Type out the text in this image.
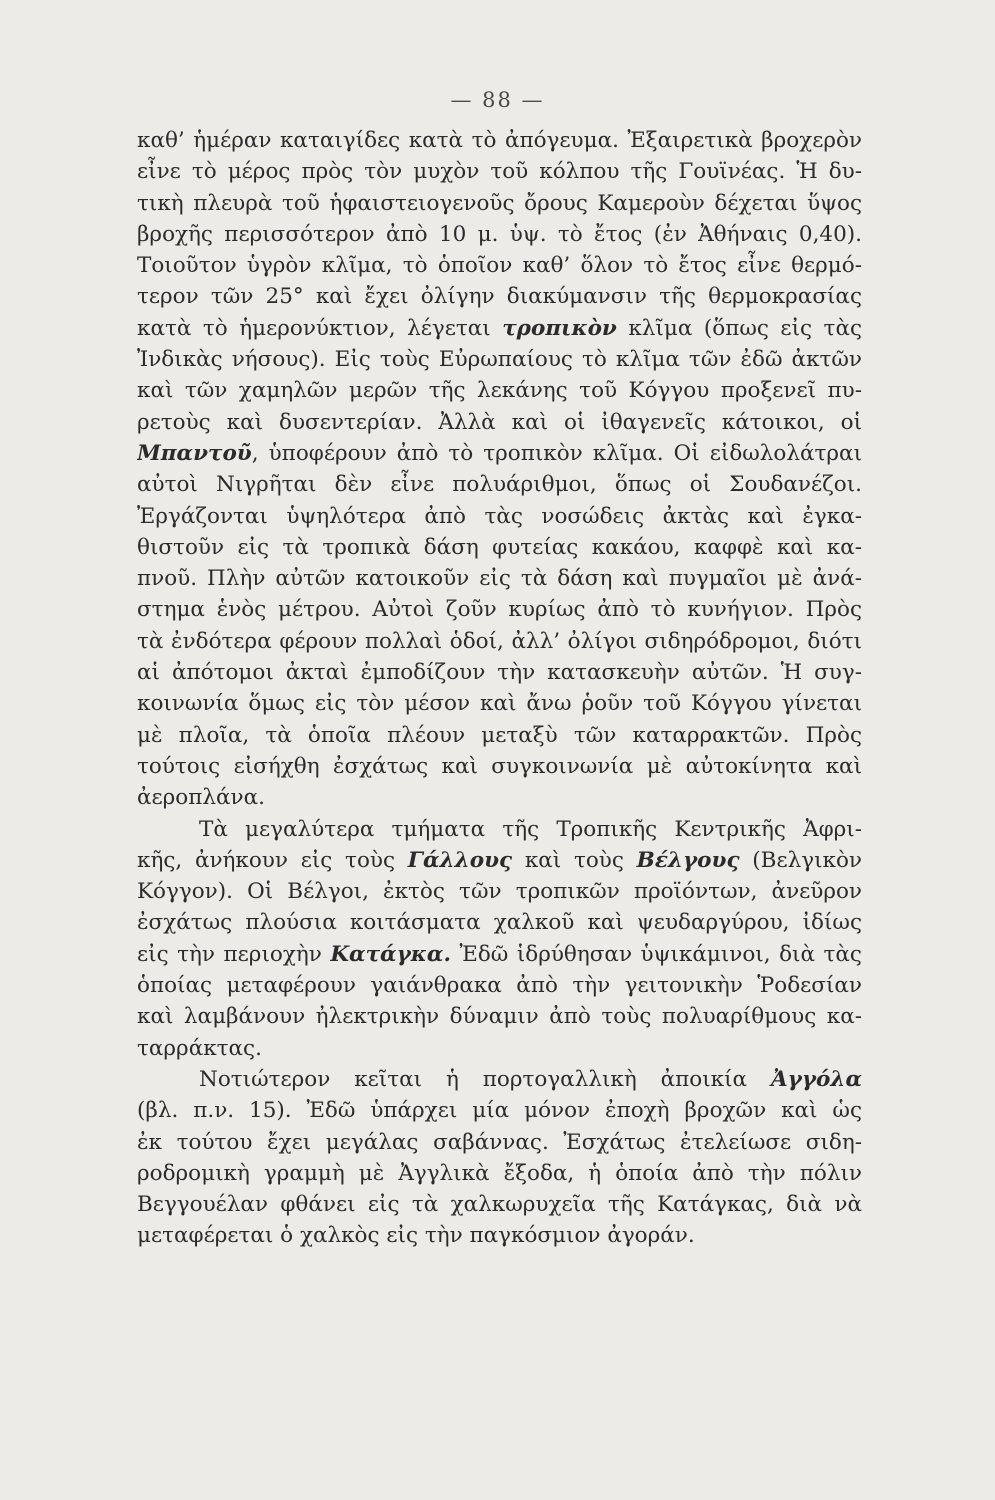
— 88 —
καθ’ ἡμέραν καταιγίδες κατὰ τὸ ἀπόγευμα. Ἐξαιρετικὰ βροχερὸν
εἶνε τὸ μέρος πρὸς τὸν μυχὸν τοῦ κόλπου τῆς Γουϊνέας. Ἡ δυ-
τικὴ πλευρὰ τοῦ ἡφαιστειογενοῦς ὄρους Καμεροὺν δέχεται ὕψος
βροχῆς περισσότερον ἀπὸ 10 μ. ὑψ. τὸ ἔτος (ἐν Ἀθήναις 0,40).
Τοιοῦτον ὑγρὸν κλῖμα, τὸ ὁποῖον καθ’ ὅλον τὸ ἔτος εἶνε θερμό-
τερον τῶν 25° καὶ ἔχει ὀλίγην διακύμανσιν τῆς θερμοκρασίας
κατὰ τὸ ἡμερονύκτιον, λέγεται τροπικὸν κλῖμα (ὅπως εἰς τὰς
Ἰνδικὰς νήσους). Εἰς τοὺς Εὐρωπαίους τὸ κλῖμα τῶν ἐδῶ ἀκτῶν
καὶ τῶν χαμηλῶν μερῶν τῆς λεκάνης τοῦ Κόγγου προξενεῖ πυ-
ρετοὺς καὶ δυσεντερίαν. Ἀλλὰ καὶ οἱ ἰθαγενεῖς κάτοικοι, οἱ
Μπαντοῦ, ὑποφέρουν ἀπὸ τὸ τροπικὸν κλῖμα. Οἱ εἰδωλολάτραι
αὐτοὶ Νιγρῆται δὲν εἶνε πολυάριθμοι, ὅπως οἱ Σουδανέζοι.
Ἐργάζονται ὑψηλότερα ἀπὸ τὰς νοσώδεις ἀκτὰς καὶ ἐγκα-
θιστοῦν εἰς τὰ τροπικὰ δάση φυτείας κακάου, καφφὲ καὶ κα-
πνοῦ. Πλὴν αὐτῶν κατοικοῦν εἰς τὰ δάση καὶ πυγμαῖοι μὲ ἀνά-
στημα ἑνὸς μέτρου. Αὐτοὶ ζοῦν κυρίως ἀπὸ τὸ κυνήγιον. Πρὸς
τὰ ἐνδότερα φέρουν πολλαὶ ὁδοί, ἀλλ’ ὀλίγοι σιδηρόδρομοι, διότι
αἱ ἀπότομοι ἀκταὶ ἐμποδίζουν τὴν κατασκευὴν αὐτῶν. Ἡ συγ-
κοινωνία ὅμως εἰς τὸν μέσον καὶ ἄνω ῥοῦν τοῦ Κόγγου γίνεται
μὲ πλοῖα, τὰ ὁποῖα πλέουν μεταξὺ τῶν καταρρακτῶν. Πρὸς
τούτοις εἰσήχθη ἐσχάτως καὶ συγκοινωνία μὲ αὐτοκίνητα καὶ
ἀεροπλάνα.
Τὰ μεγαλύτερα τμήματα τῆς Τροπικῆς Κεντρικῆς Ἀφρι-
κῆς, ἀνήκουν εἰς τοὺς Γάλλους καὶ τοὺς Βέλγους (Βελγικὸν
Κόγγον). Οἱ Βέλγοι, ἐκτὸς τῶν τροπικῶν προϊόντων, ἀνεῦρον
ἐσχάτως πλούσια κοιτάσματα χαλκοῦ καὶ ψευδαργύρου, ἰδίως
εἰς τὴν περιοχὴν Κατάγκα. Ἐδῶ ἱδρύθησαν ὑψικάμινοι, διὰ τὰς
ὁποίας μεταφέρουν γαιάνθρακα ἀπὸ τὴν γειτονικὴν Ῥοδεσίαν
καὶ λαμβάνουν ἠλεκτρικὴν δύναμιν ἀπὸ τοὺς πολυαρίθμους κα-
ταρράκτας.
Νοτιώτερον κεῖται ἡ πορτογαλλικὴ ἀποικία Ἀγγόλα
(βλ. π.ν. 15). Ἐδῶ ὑπάρχει μία μόνον ἐποχὴ βροχῶν καὶ ὡς
ἐκ τούτου ἔχει μεγάλας σαβάννας. Ἐσχάτως ἐτελείωσε σιδη-
ροδρομικὴ γραμμὴ μὲ Ἀγγλικὰ ἔξοδα, ἡ ὁποία ἀπὸ τὴν πόλιν
Βεγγουέλαν φθάνει εἰς τὰ χαλκωρυχεῖα τῆς Κατάγκας, διὰ νὰ
μεταφέρεται ὁ χαλκὸς εἰς τὴν παγκόσμιον ἀγοράν.
